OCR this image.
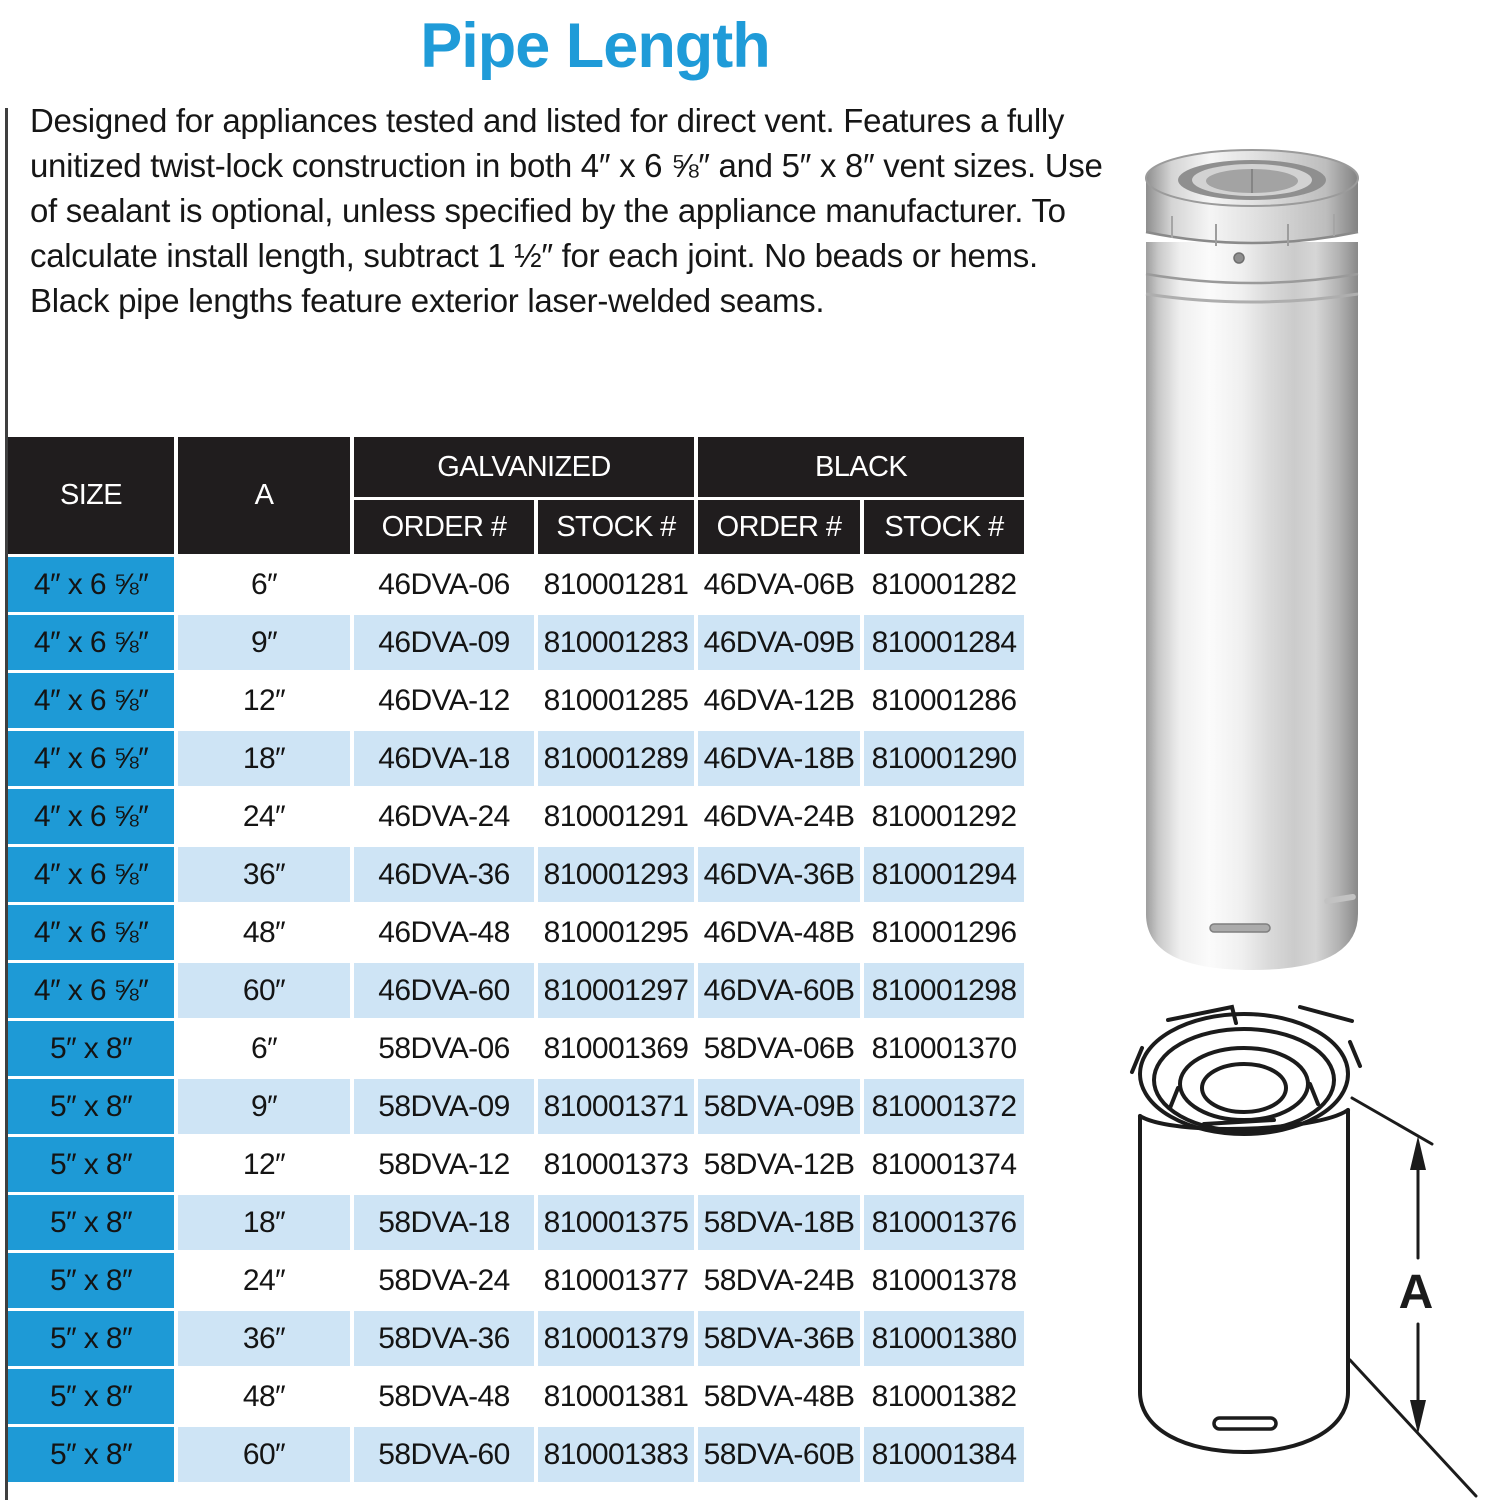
Pipe Length

Designed for appliances tested and listed for direct vent. Features a fully unitized twist-lock construction in both 4″ x 6 ⅝″ and 5″ x 8″ vent sizes. Use of sealant is optional, unless specified by the appliance manufacturer. To calculate install length, subtract 1 ½″ for each joint. No beads or hems. Black pipe lengths feature exterior laser-welded seams.

SIZE	A	GALVANIZED		BLACK	
		ORDER #	STOCK #	ORDER #	STOCK #
4″ x 6 ⅝″	6″	46DVA-06	810001281	46DVA-06B	810001282
4″ x 6 ⅝″	9″	46DVA-09	810001283	46DVA-09B	810001284
4″ x 6 ⅝″	12″	46DVA-12	810001285	46DVA-12B	810001286
4″ x 6 ⅝″	18″	46DVA-18	810001289	46DVA-18B	810001290
4″ x 6 ⅝″	24″	46DVA-24	810001291	46DVA-24B	810001292
4″ x 6 ⅝″	36″	46DVA-36	810001293	46DVA-36B	810001294
4″ x 6 ⅝″	48″	46DVA-48	810001295	46DVA-48B	810001296
4″ x 6 ⅝″	60″	46DVA-60	810001297	46DVA-60B	810001298
5″ x 8″	6″	58DVA-06	810001369	58DVA-06B	810001370
5″ x 8″	9″	58DVA-09	810001371	58DVA-09B	810001372
5″ x 8″	12″	58DVA-12	810001373	58DVA-12B	810001374
5″ x 8″	18″	58DVA-18	810001375	58DVA-18B	810001376
5″ x 8″	24″	58DVA-24	810001377	58DVA-24B	810001378
5″ x 8″	36″	58DVA-36	810001379	58DVA-36B	810001380
5″ x 8″	48″	58DVA-48	810001381	58DVA-48B	810001382
5″ x 8″	60″	58DVA-60	810001383	58DVA-60B	810001384
A
